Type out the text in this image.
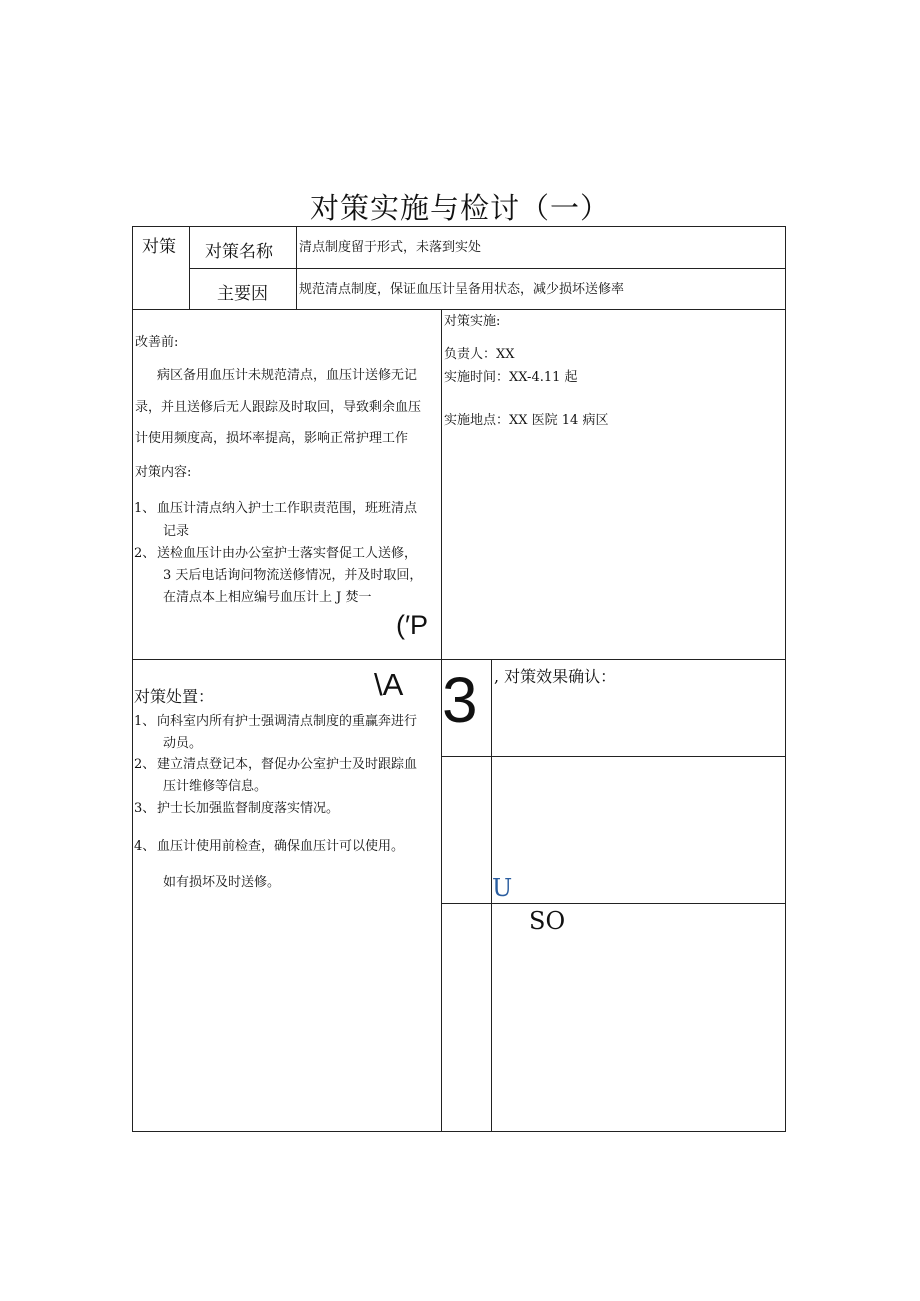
对策实施与检讨（一）
对策 对策名称 清点制度留于形式，未落到实处
主要因 规范清点制度，保证血压计呈备用状态，减少损坏送修率
改善前:
病区备用血压计未规范清点，血压计送修无记
录，并且送修后无人跟踪及时取回，导致剩余血压
计使用频度高，损坏率提高，影响正常护理工作
对策内容:
1、 血压计清点纳入护士工作职责范围，班班清点
记录
2、 送检血压计由办公室护士落实督促工人送修，
3 天后电话询问物流送修情况，并及时取回，
在清点本上相应编号血压计上 J 焚一
(′P
对策实施:
负责人：XX
实施时间：XX-4.11 起
实施地点：XX 医院 14 病区
对策处置：	\A
1、 向科室内所有护士强调清点制度的重赢奔进行
动员。
2、 建立清点登记本，督促办公室护士及时跟踪血
压计维修等信息。
3、 护士长加强监督制度落实情况。
4、 血压计使用前检查，确保血压计可以使用。
如有损坏及时送修。
3 , 对策效果确认：
U
SO
